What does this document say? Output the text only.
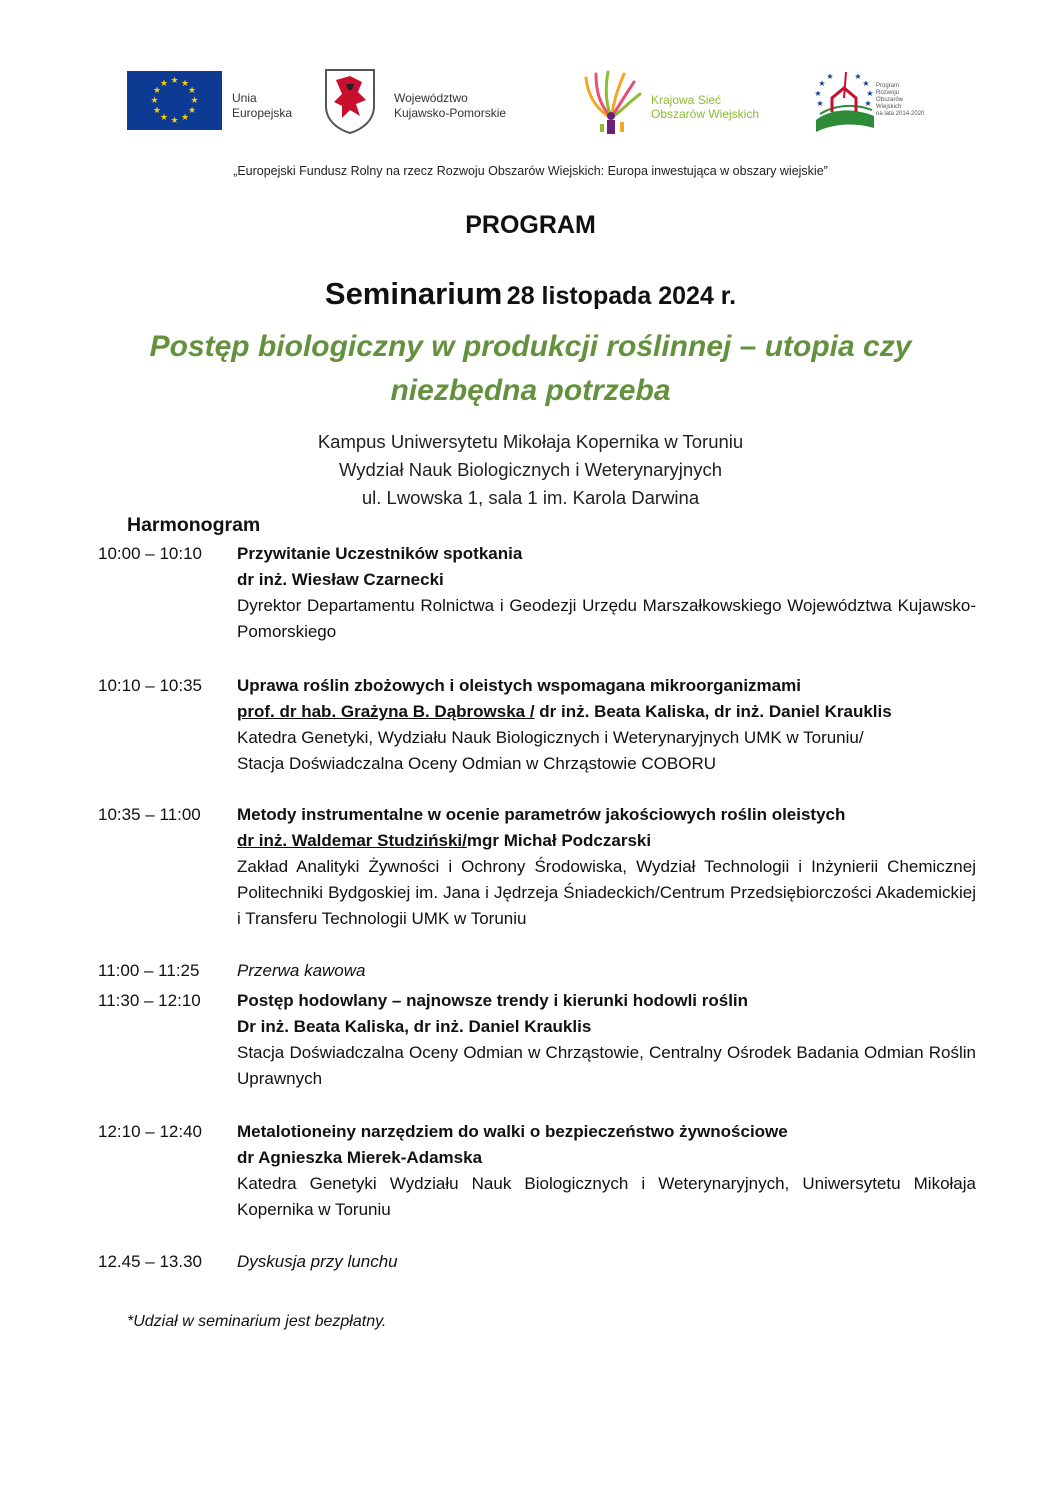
★ ★
★
★
★
★
★
★
★
★
★
★
Unia
Europejska
Województwo
Kujawsko-Pomorskie
Krajowa Sieć
Obszarów Wiejskich
★
★
★
★	★
★
★
★
Program
Rozwoju
Obszarów
Wiejskich
na lata 2014-2020
„Europejski Fundusz Rolny na rzecz Rozwoju Obszarów Wiejskich: Europa inwestująca w obszary wiejskie”
PROGRAM
Seminarium 28 listopada 2024 r.
Postęp biologiczny w produkcji roślinnej – utopia czy
niezbędna potrzeba
Kampus Uniwersytetu Mikołaja Kopernika w Toruniu
Wydział Nauk Biologicznych i Weterynaryjnych
ul. Lwowska 1, sala 1 im. Karola Darwina
Harmonogram
10:00 – 10:10	Przywitanie Uczestników spotkania
dr inż. Wiesław Czarnecki
Dyrektor Departamentu Rolnictwa i Geodezji Urzędu Marszałkowskiego Województwa Kujawsko-Pomorskiego
10:10 – 10:35	Uprawa roślin zbożowych i oleistych wspomagana mikroorganizmami
prof. dr hab. Grażyna B. Dąbrowska / dr inż. Beata Kaliska, dr inż. Daniel Krauklis
Katedra Genetyki, Wydziału Nauk Biologicznych i Weterynaryjnych UMK w Toruniu/
Stacja Doświadczalna Oceny Odmian w Chrząstowie COBORU
10:35 – 11:00	Metody instrumentalne w ocenie parametrów jakościowych roślin oleistych
dr inż. Waldemar Studziński/mgr Michał Podczarski
Zakład Analityki Żywności i Ochrony Środowiska, Wydział Technologii i Inżynierii Chemicznej Politechniki Bydgoskiej im. Jana i Jędrzeja Śniadeckich/Centrum Przedsiębiorczości Akademickiej i Transferu Technologii UMK w Toruniu
11:00 – 11:25	Przerwa kawowa
11:30 – 12:10	Postęp hodowlany – najnowsze trendy i kierunki hodowli roślin
Dr inż. Beata Kaliska, dr inż. Daniel Krauklis
Stacja Doświadczalna Oceny Odmian w Chrząstowie, Centralny Ośrodek Badania Odmian Roślin Uprawnych
12:10 – 12:40	Metalotioneiny narzędziem do walki o bezpieczeństwo żywnościowe
dr Agnieszka Mierek-Adamska
Katedra Genetyki Wydziału Nauk Biologicznych i Weterynaryjnych, Uniwersytetu Mikołaja Kopernika w Toruniu
12.45 – 13.30	Dyskusja przy lunchu
*Udział w seminarium jest bezpłatny.
